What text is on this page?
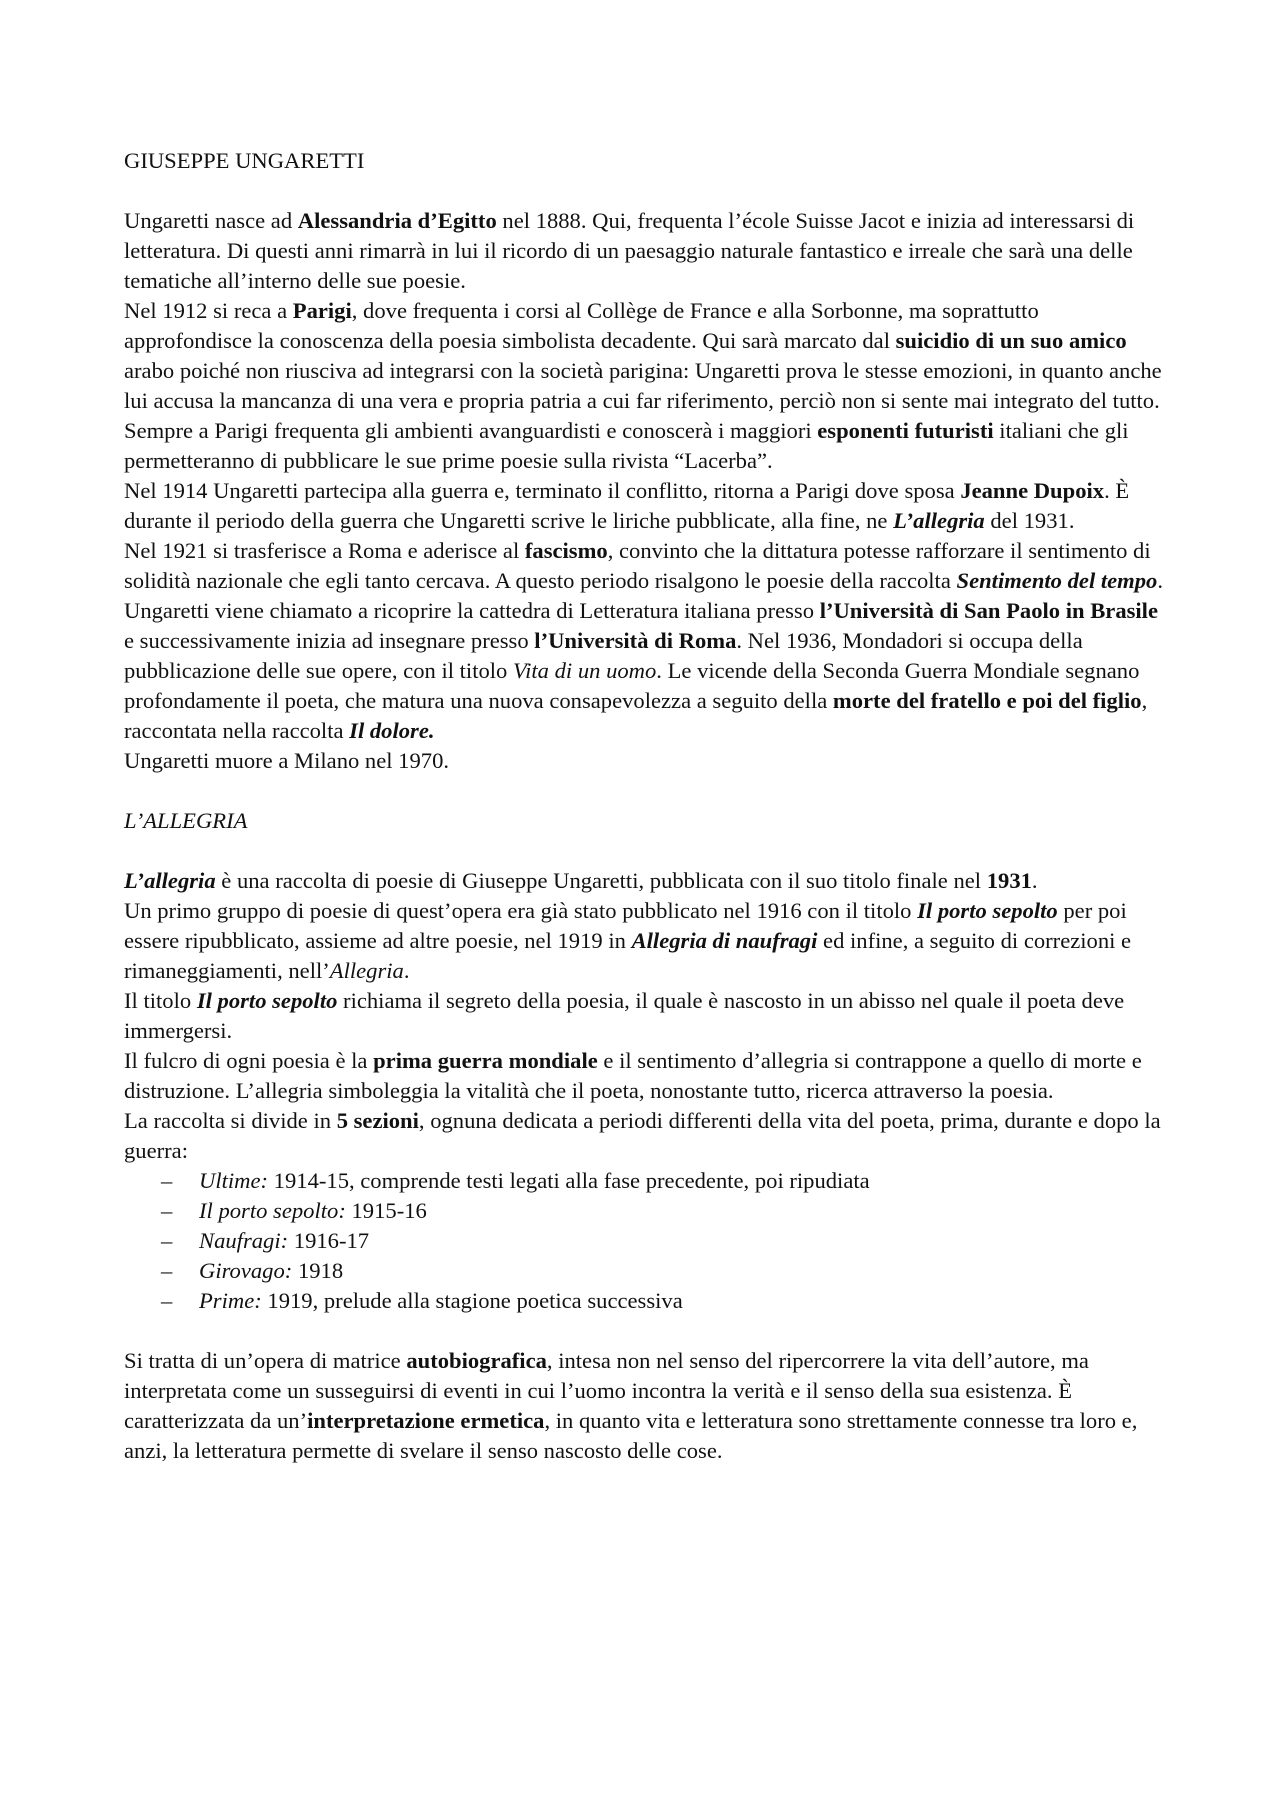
GIUSEPPE UNGARETTI

Ungaretti nasce ad Alessandria d’Egitto nel 1888. Qui, frequenta l’école Suisse Jacot e inizia ad interessarsi di letteratura. Di questi anni rimarrà in lui il ricordo di un paesaggio naturale fantastico e irreale che sarà una delle tematiche all’interno delle sue poesie.

Nel 1912 si reca a Parigi, dove frequenta i corsi al Collège de France e alla Sorbonne, ma soprattutto approfondisce la conoscenza della poesia simbolista decadente. Qui sarà marcato dal suicidio di un suo amico arabo poiché non riusciva ad integrarsi con la società parigina: Ungaretti prova le stesse emozioni, in quanto anche lui accusa la mancanza di una vera e propria patria a cui far riferimento, perciò non si sente mai integrato del tutto. Sempre a Parigi frequenta gli ambienti avanguardisti e conoscerà i maggiori esponenti futuristi italiani che gli permetteranno di pubblicare le sue prime poesie sulla rivista “Lacerba”.

Nel 1914 Ungaretti partecipa alla guerra e, terminato il conflitto, ritorna a Parigi dove sposa Jeanne Dupoix. È durante il periodo della guerra che Ungaretti scrive le liriche pubblicate, alla fine, ne L’allegria del 1931.

Nel 1921 si trasferisce a Roma e aderisce al fascismo, convinto che la dittatura potesse rafforzare il sentimento di solidità nazionale che egli tanto cercava. A questo periodo risalgono le poesie della raccolta Sentimento del tempo.

Ungaretti viene chiamato a ricoprire la cattedra di Letteratura italiana presso l’Università di San Paolo in Brasile e successivamente inizia ad insegnare presso l’Università di Roma. Nel 1936, Mondadori si occupa della pubblicazione delle sue opere, con il titolo Vita di un uomo. Le vicende della Seconda Guerra Mondiale segnano profondamente il poeta, che matura una nuova consapevolezza a seguito della morte del fratello e poi del figlio, raccontata nella raccolta Il dolore.

Ungaretti muore a Milano nel 1970.

L’ALLEGRIA

L’allegria è una raccolta di poesie di Giuseppe Ungaretti, pubblicata con il suo titolo finale nel 1931.

Un primo gruppo di poesie di quest’opera era già stato pubblicato nel 1916 con il titolo Il porto sepolto per poi essere ripubblicato, assieme ad altre poesie, nel 1919 in Allegria di naufragi ed infine, a seguito di correzioni e rimaneggiamenti, nell’Allegria.

Il titolo Il porto sepolto richiama il segreto della poesia, il quale è nascosto in un abisso nel quale il poeta deve immergersi.

Il fulcro di ogni poesia è la prima guerra mondiale e il sentimento d’allegria si contrappone a quello di morte e distruzione. L’allegria simboleggia la vitalità che il poeta, nonostante tutto, ricerca attraverso la poesia.

La raccolta si divide in 5 sezioni, ognuna dedicata a periodi differenti della vita del poeta, prima, durante e dopo la guerra:

–	Ultime: 1914-15, comprende testi legati alla fase precedente, poi ripudiata
–	Il porto sepolto: 1915-16
–	Naufragi: 1916-17
–	Girovago: 1918
–	Prime: 1919, prelude alla stagione poetica successiva

Si tratta di un’opera di matrice autobiografica, intesa non nel senso del ripercorrere la vita dell’autore, ma interpretata come un susseguirsi di eventi in cui l’uomo incontra la verità e il senso della sua esistenza. È caratterizzata da un’interpretazione ermetica, in quanto vita e letteratura sono strettamente connesse tra loro e, anzi, la letteratura permette di svelare il senso nascosto delle cose.
